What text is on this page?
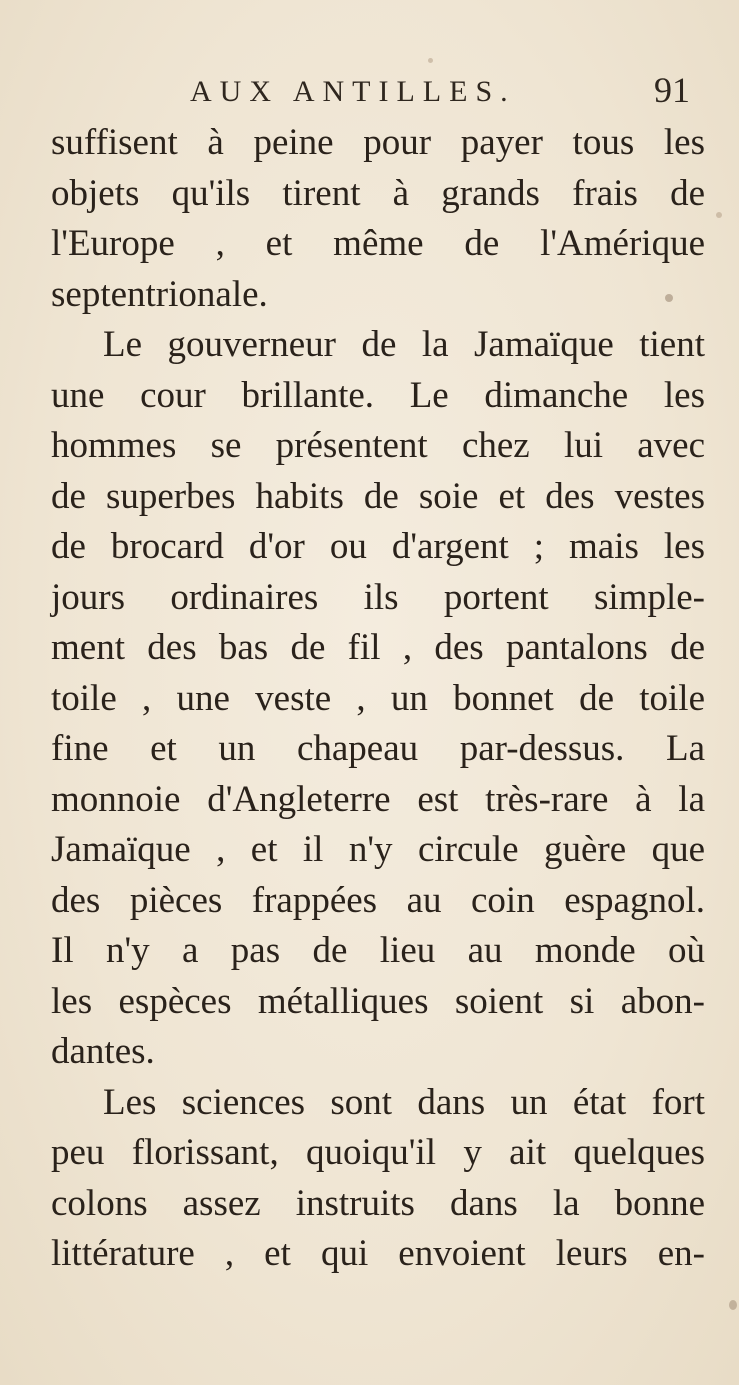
AUX ANTILLES.	91
suffisent à peine pour payer tous les
objets qu'ils tirent à grands frais de
l'Europe , et même de l'Amérique
septentrionale.
Le gouverneur de la Jamaïque tient
une cour brillante. Le dimanche les
hommes se présentent chez lui avec
de superbes habits de soie et des vestes
de brocard d'or ou d'argent ; mais les
jours ordinaires ils portent simple-
ment des bas de fil , des pantalons de
toile , une veste , un bonnet de toile
fine et un chapeau par-dessus. La
monnoie d'Angleterre est très-rare à la
Jamaïque , et il n'y circule guère que
des pièces frappées au coin espagnol.
Il n'y a pas de lieu au monde où
les espèces métalliques soient si abon-
dantes.
Les sciences sont dans un état fort
peu florissant, quoiqu'il y ait quelques
colons assez instruits dans la bonne
littérature , et qui envoient leurs en-
